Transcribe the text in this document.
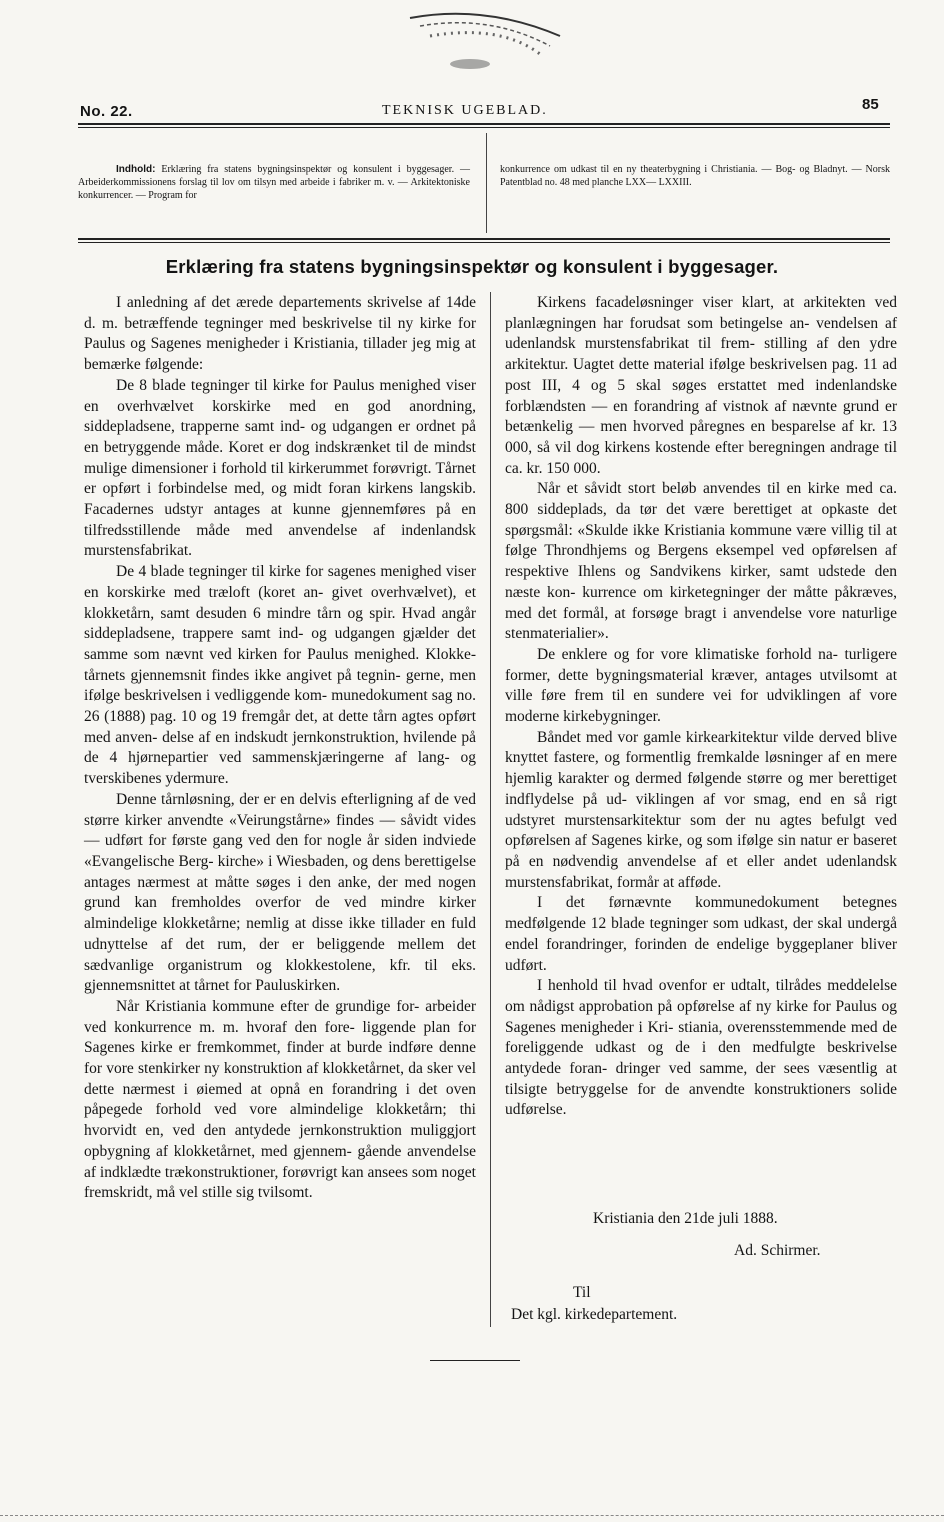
No. 22.	TEKNISK UGEBLAD.	85
Indhold: Erklæring fra statens bygningsinspektør og konsulent i byggesager. — Arbeiderkommissionens forslag til lov om tilsyn med arbeide i fabriker m. v. — Arkitektoniske konkurrencer. — Program for
konkurrence om udkast til en ny theaterbygning i Christiania. — Bog- og Bladnyt. — Norsk Patentblad no. 48 med planche LXX— LXXIII.
Erklæring fra statens bygningsinspektør og konsulent i byggesager.

I anledning af det ærede departements skrivelse af 14de d. m. betræffende tegninger med beskrivelse til ny kirke for Paulus og Sagenes menigheder i Kristiania, tillader jeg mig at bemærke følgende:

De 8 blade tegninger til kirke for Paulus menighed viser en overhvælvet korskirke med en god anordning, siddepladsene, trapperne samt ind- og udgangen er ordnet på en betryggende måde. Koret er dog indskrænket til de mindst mulige dimensioner i forhold til kirkerummet forøvrigt. Tårnet er opført i forbindelse med, og midt foran kirkens langskib. Facadernes udstyr antages at kunne gjennemføres på en tilfredsstillende måde med anvendelse af indenlandsk murstensfabrikat.

De 4 blade tegninger til kirke for sagenes menighed viser en korskirke med træloft (koret an- givet overhvælvet), et klokketårn, samt desuden 6 mindre tårn og spir. Hvad angår siddepladsene, trappere samt ind- og udgangen gjælder det samme som nævnt ved kirken for Paulus menighed. Klokke- tårnets gjennemsnit findes ikke angivet på tegnin- gerne, men ifølge beskrivelsen i vedliggende kom- munedokument sag no. 26 (1888) pag. 10 og 19 fremgår det, at dette tårn agtes opført med anven- delse af en indskudt jernkonstruktion, hvilende på de 4 hjørnepartier ved sammenskjæringerne af lang- og tverskibenes ydermure.

Denne tårnløsning, der er en delvis efterligning af de ved større kirker anvendte «Veirungstårne» findes — såvidt vides — udført for første gang ved den for nogle år siden indviede «Evangelische Berg- kirche» i Wiesbaden, og dens berettigelse antages nærmest at måtte søges i den anke, der med nogen grund kan fremholdes overfor de ved mindre kirker almindelige klokketårne; nemlig at disse ikke tillader en fuld udnyttelse af det rum, der er beliggende mellem det sædvanlige organistrum og klokkestolene, kfr. til eks. gjennemsnittet at tårnet for Pauluskirken.

Når Kristiania kommune efter de grundige for- arbeider ved konkurrence m. m. hvoraf den fore- liggende plan for Sagenes kirke er fremkommet, finder at burde indføre denne for vore stenkirker ny konstruktion af klokketårnet, da sker vel dette nærmest i øiemed at opnå en forandring i det oven påpegede forhold ved vore almindelige klokketårn; thi hvorvidt en, ved den antydede jernkonstruktion muliggjort opbygning af klokketårnet, med gjennem- gående anvendelse af indklædte trækonstruktioner, forøvrigt kan ansees som noget fremskridt, må vel stille sig tvilsomt.

Kirkens facadeløsninger viser klart, at arkitekten ved planlægningen har forudsat som betingelse an- vendelsen af udenlandsk murstensfabrikat til frem- stilling af den ydre arkitektur. Uagtet dette material ifølge beskrivelsen pag. 11 ad post III, 4 og 5 skal søges erstattet med indenlandske forblændsten — en forandring af vistnok af nævnte grund er betænkelig — men hvorved påregnes en besparelse af kr. 13 000, så vil dog kirkens kostende efter beregningen andrage til ca. kr. 150 000.

Når et såvidt stort beløb anvendes til en kirke med ca. 800 siddeplads, da tør det være berettiget at opkaste det spørgsmål: «Skulde ikke Kristiania kommune være villig til at følge Throndhjems og Bergens eksempel ved opførelsen af respektive Ihlens og Sandvikens kirker, samt udstede den næste kon- kurrence om kirketegninger der måtte påkræves, med det formål, at forsøge bragt i anvendelse vore naturlige stenmaterialier».

De enklere og for vore klimatiske forhold na- turligere former, dette bygningsmaterial kræver, antages utvilsomt at ville føre frem til en sundere vei for udviklingen af vore moderne kirkebygninger.

Båndet med vor gamle kirkearkitektur vilde derved blive knyttet fastere, og formentlig fremkalde løsninger af en mere hjemlig karakter og dermed følgende større og mer berettiget indflydelse på ud- viklingen af vor smag, end en så rigt udstyret murstensarkitektur som der nu agtes befulgt ved opførelsen af Sagenes kirke, og som ifølge sin natur er baseret på en nødvendig anvendelse af et eller andet udenlandsk murstensfabrikat, formår at afføde.

I det førnævnte kommunedokument betegnes medfølgende 12 blade tegninger som udkast, der skal undergå endel forandringer, forinden de endelige byggeplaner bliver udført.

I henhold til hvad ovenfor er udtalt, tilrådes meddelelse om nådigst approbation på opførelse af ny kirke for Paulus og Sagenes menigheder i Kri- stiania, overensstemmende med de foreliggende udkast og de i den medfulgte beskrivelse antydede foran- dringer ved samme, der sees væsentlig at tilsigte betryggelse for de anvendte konstruktioners solide udførelse.

Kristiania den 21de juli 1888.
Ad. Schirmer.
Til
Det kgl. kirkedepartement.
